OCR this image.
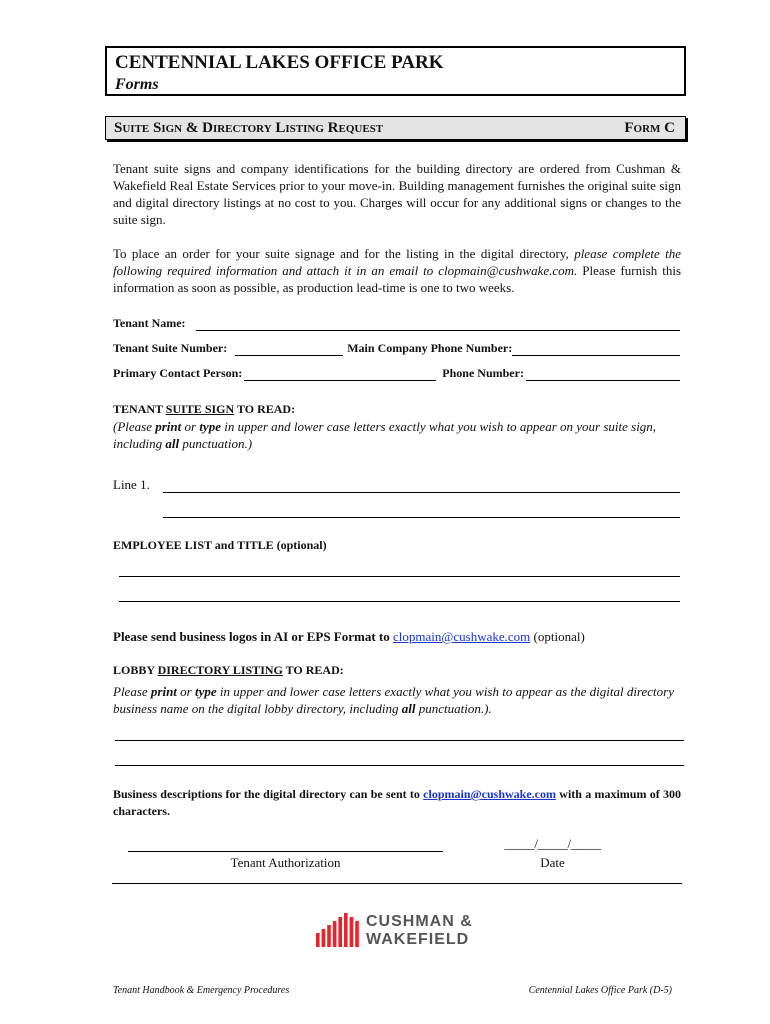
CENTENNIAL LAKES OFFICE PARK
Forms
Suite Sign & Directory Listing Request	Form C
Tenant suite signs and company identifications for the building directory are ordered from Cushman & Wakefield Real Estate Services prior to your move-in. Building management furnishes the original suite sign and digital directory listings at no cost to you. Charges will occur for any additional signs or changes to the suite sign.
To place an order for your suite signage and for the listing in the digital directory, please complete the following required information and attach it in an email to clopmain@cushwake.com. Please furnish this information as soon as possible, as production lead-time is one to two weeks.
Tenant Name:
Tenant Suite Number:	Main Company Phone Number:
Primary Contact Person:	Phone Number:
TENANT SUITE SIGN TO READ:
(Please print or type in upper and lower case letters exactly what you wish to appear on your suite sign, including all punctuation.)
Line 1.
EMPLOYEE LIST and TITLE (optional)
Please send business logos in AI or EPS Format to clopmain@cushwake.com (optional)
LOBBY DIRECTORY LISTING TO READ:
Please print or type in upper and lower case letters exactly what you wish to appear as the digital directory business name on the digital lobby directory, including all punctuation.).
Business descriptions for the digital directory can be sent to clopmain@cushwake.com with a maximum of 300 characters.
Tenant Authorization
_____/_____/_____
Date
CUSHMAN &
WAKEFIELD
Tenant Handbook & Emergency Procedures	Centennial Lakes Office Park (D-5)
